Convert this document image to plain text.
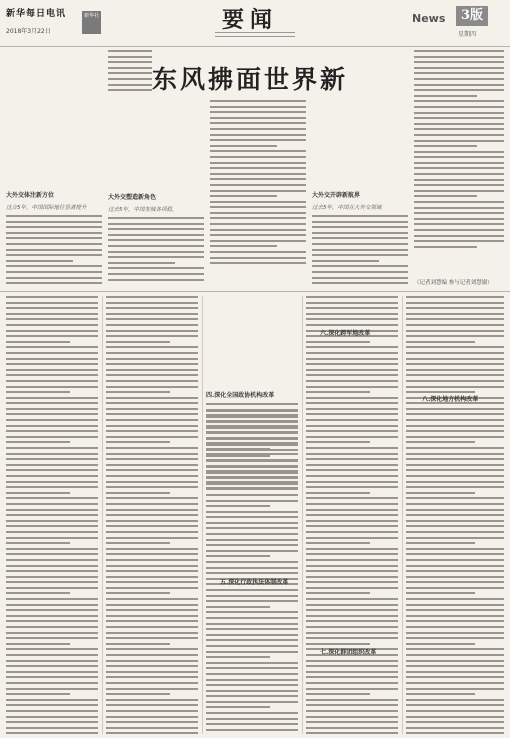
新华每日电讯
2018年3月22日
新华社	要闻	News	3版
星期四
东风拂面世界新
大外交体注新方位
这合5年，中国国际地位显著提升
大外交塑造新角色
过去5年，中国友城各项稳，
大外交开辟新航界
过去5年，中国在大外交领域
（记者刘慧编 参与记者刘慧谢）
四.深化全国政协机构改革
五.深化行政执法体制改革
六.深化跨军地改革
七.深化群团组织改革
八.深化地方机构改革
